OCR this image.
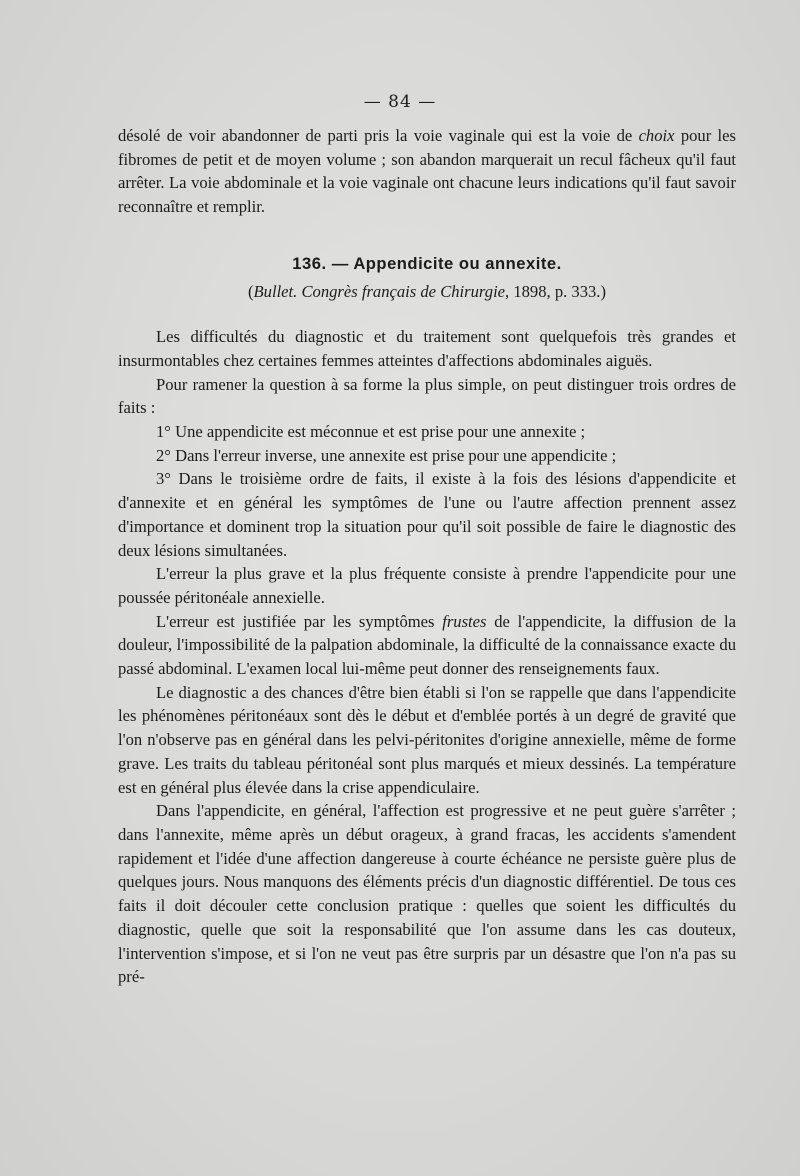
— 84 —

désolé de voir abandonner de parti pris la voie vaginale qui est la voie de choix pour les fibromes de petit et de moyen volume ; son abandon marquerait un recul fâcheux qu'il faut arrêter. La voie abdominale et la voie vaginale ont chacune leurs indications qu'il faut savoir reconnaître et remplir.

136. — Appendicite ou annexite.
(Bullet. Congrès français de Chirurgie, 1898, p. 333.)

Les difficultés du diagnostic et du traitement sont quelquefois très grandes et insurmontables chez certaines femmes atteintes d'affections abdominales aiguës.

Pour ramener la question à sa forme la plus simple, on peut distinguer trois ordres de faits :

1° Une appendicite est méconnue et est prise pour une annexite ;

2° Dans l'erreur inverse, une annexite est prise pour une appendicite ;

3° Dans le troisième ordre de faits, il existe à la fois des lésions d'appendicite et d'annexite et en général les symptômes de l'une ou l'autre affection prennent assez d'importance et dominent trop la situation pour qu'il soit possible de faire le diagnostic des deux lésions simultanées.

L'erreur la plus grave et la plus fréquente consiste à prendre l'appendicite pour une poussée péritonéale annexielle.

L'erreur est justifiée par les symptômes frustes de l'appendicite, la diffusion de la douleur, l'impossibilité de la palpation abdominale, la difficulté de la connaissance exacte du passé abdominal. L'examen local lui-même peut donner des renseignements faux.

Le diagnostic a des chances d'être bien établi si l'on se rappelle que dans l'appendicite les phénomènes péritonéaux sont dès le début et d'emblée portés à un degré de gravité que l'on n'observe pas en général dans les pelvi-péritonites d'origine annexielle, même de forme grave. Les traits du tableau péritonéal sont plus marqués et mieux dessinés. La température est en général plus élevée dans la crise appendiculaire.

Dans l'appendicite, en général, l'affection est progressive et ne peut guère s'arrêter ; dans l'annexite, même après un début orageux, à grand fracas, les accidents s'amendent rapidement et l'idée d'une affection dangereuse à courte échéance ne persiste guère plus de quelques jours. Nous manquons des éléments précis d'un diagnostic différentiel. De tous ces faits il doit découler cette conclusion pratique : quelles que soient les difficultés du diagnostic, quelle que soit la responsabilité que l'on assume dans les cas douteux, l'intervention s'impose, et si l'on ne veut pas être surpris par un désastre que l'on n'a pas su pré-
